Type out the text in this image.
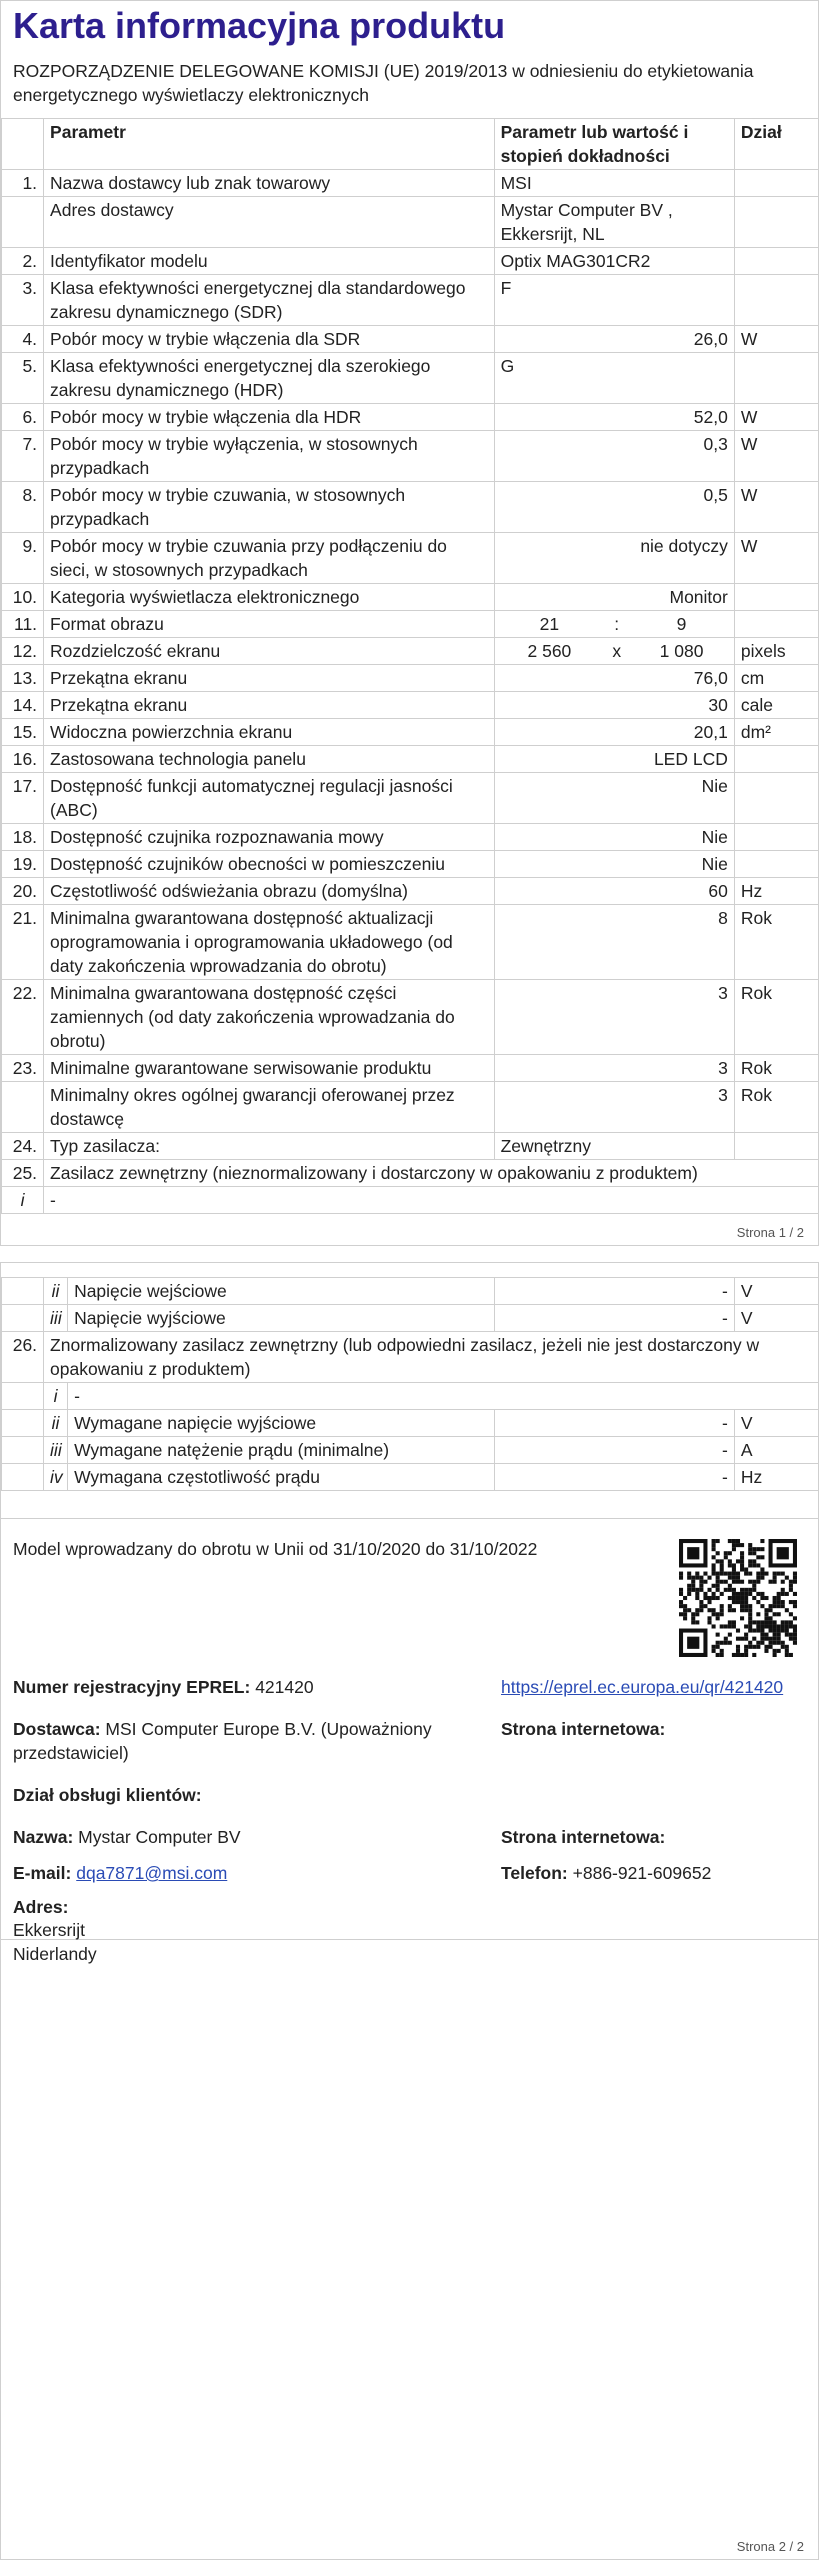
Karta informacyjna produktu
ROZPORZĄDZENIE DELEGOWANE KOMISJI (UE) 2019/2013 w odniesieniu do etykietowania energetycznego wyświetlaczy elektronicznych
	Parametr	Parametr lub wartość i stopień dokładności			Dział
1.	Nazwa dostawcy lub znak towarowy	MSI			
	Adres dostawcy	Mystar Computer BV , Ekkersrijt, NL			
2.	Identyfikator modelu	Optix MAG301CR2			
3.	Klasa efektywności energetycznej dla standardowego zakresu dynamicznego (SDR)	F			
4.	Pobór mocy w trybie włączenia dla SDR	26,0			W
5.	Klasa efektywności energetycznej dla szerokiego zakresu dynamicznego (HDR)	G			
6.	Pobór mocy w trybie włączenia dla HDR	52,0			W
7.	Pobór mocy w trybie wyłączenia, w stosownych przypadkach	0,3			W
8.	Pobór mocy w trybie czuwania, w stosownych przypadkach	0,5			W
9.	Pobór mocy w trybie czuwania przy podłączeniu do sieci, w stosownych przypadkach	nie dotyczy			W
10.	Kategoria wyświetlacza elektronicznego	Monitor			
11.	Format obrazu	21	:	9	
12.	Rozdzielczość ekranu	2 560	x	1 080	pixels
13.	Przekątna ekranu	76,0			cm
14.	Przekątna ekranu	30			cale
15.	Widoczna powierzchnia ekranu	20,1			dm²
16.	Zastosowana technologia panelu	LED LCD			
17.	Dostępność funkcji automatycznej regulacji jasności (ABC)	Nie			
18.	Dostępność czujnika rozpoznawania mowy	Nie			
19.	Dostępność czujników obecności w pomieszczeniu	Nie			
20.	Częstotliwość odświeżania obrazu (domyślna)	60			Hz
21.	Minimalna gwarantowana dostępność aktualizacji oprogramowania i oprogramowania układowego (od daty zakończenia wprowadzania do obrotu)	8			Rok
22.	Minimalna gwarantowana dostępność części zamiennych (od daty zakończenia wprowadzania do obrotu)	3			Rok
23.	Minimalne gwarantowane serwisowanie produktu	3			Rok
	Minimalny okres ogólnej gwarancji oferowanej przez dostawcę	3			Rok
24.	Typ zasilacza:	Zewnętrzny			
25.	Zasilacz zewnętrzny (nieznormalizowany i dostarczony w opakowaniu z produktem)				
i	-				
Strona 1 / 2
	ii	Napięcie wejściowe	-	V
	iii	Napięcie wyjściowe	-	V
26.	Znormalizowany zasilacz zewnętrzny (lub odpowiedni zasilacz, jeżeli nie jest dostarczony w opakowaniu z produktem)			
	i	-		
	ii	Wymagane napięcie wyjściowe	-	V
	iii	Wymagane natężenie prądu (minimalne)	-	A
	iv	Wymagana częstotliwość prądu	-	Hz
Model wprowadzany do obrotu w Unii od 31/10/2020 do 31/10/2022
Numer rejestracyjny EPREL: 421420	https://eprel.ec.europa.eu/qr/421420
Dostawca: MSI Computer Europe B.V. (Upoważniony przedstawiciel)
Strona internetowa:
Dział obsługi klientów:
Nazwa: Mystar Computer BV	Strona internetowa:
E-mail: dqa7871@msi.com	Telefon: +886-921-609652
Adres:
Ekkersrijt
Niderlandy
Strona 2 / 2
